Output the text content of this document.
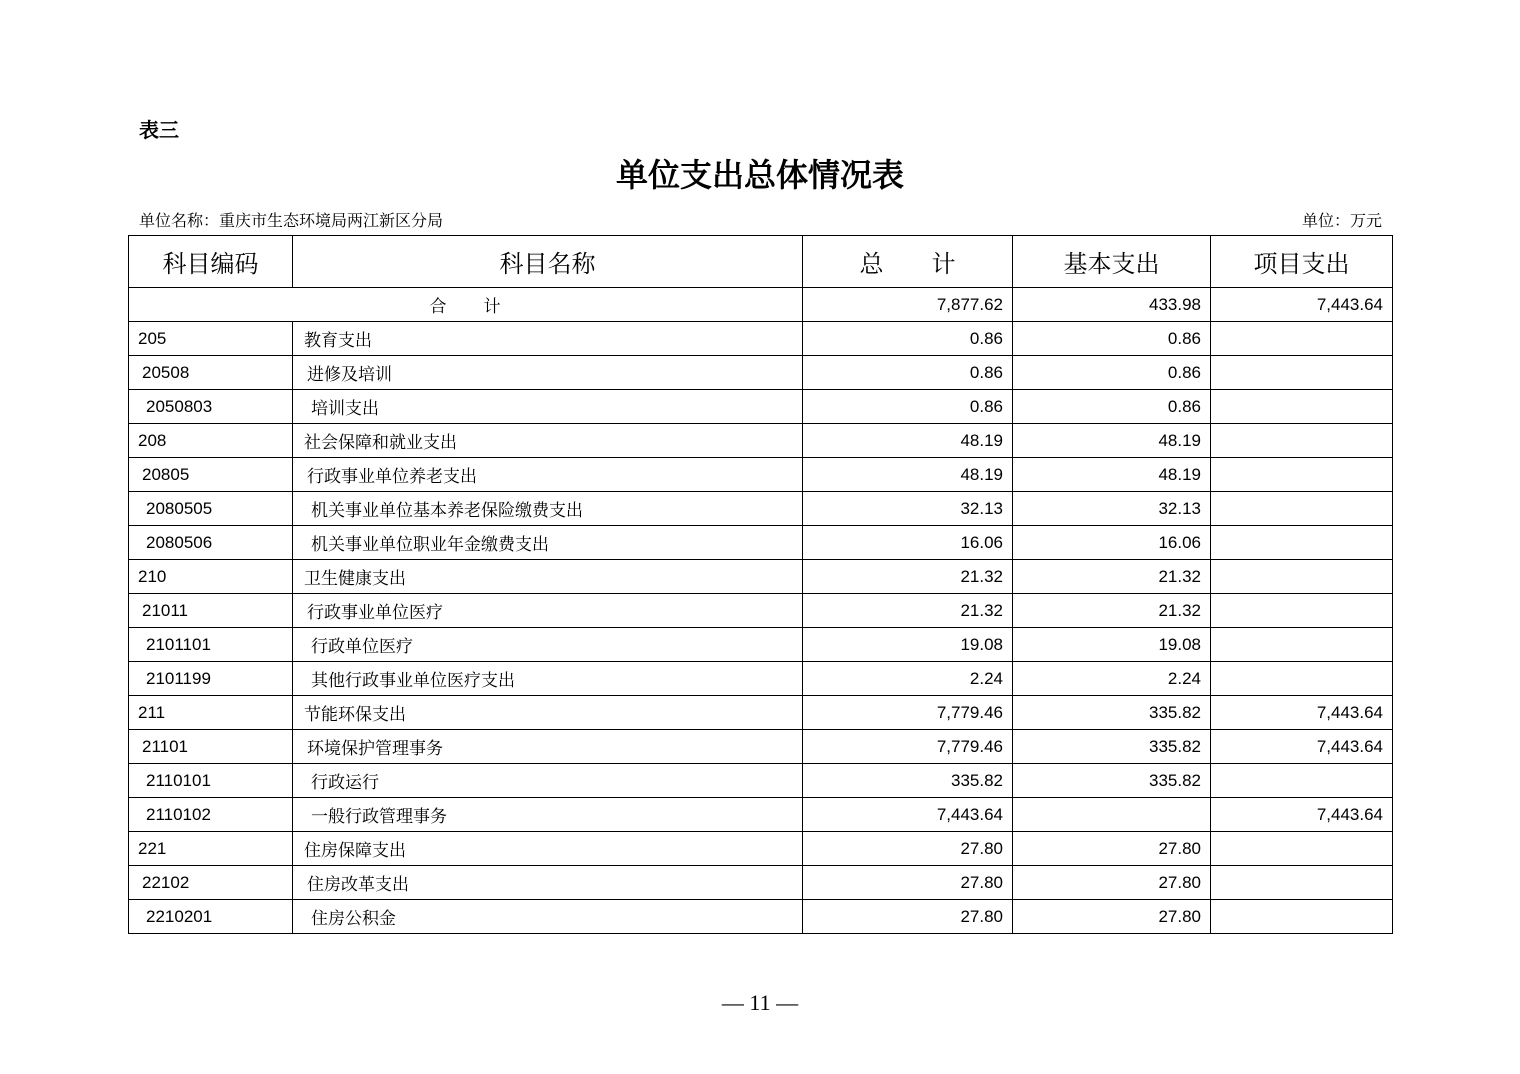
表三
单位支出总体情况表
单位名称：重庆市生态环境局两江新区分局	单位：万元
科目编码	科目名称	总　　计	基本支出	项目支出
合　　计		7,877.62	433.98	7,443.64
205	教育支出	0.86	0.86	
20508	进修及培训	0.86	0.86	
2050803	培训支出	0.86	0.86	
208	社会保障和就业支出	48.19	48.19	
20805	行政事业单位养老支出	48.19	48.19	
2080505	机关事业单位基本养老保险缴费支出	32.13	32.13	
2080506	机关事业单位职业年金缴费支出	16.06	16.06	
210	卫生健康支出	21.32	21.32	
21011	行政事业单位医疗	21.32	21.32	
2101101	行政单位医疗	19.08	19.08	
2101199	其他行政事业单位医疗支出	2.24	2.24	
211	节能环保支出	7,779.46	335.82	7,443.64
21101	环境保护管理事务	7,779.46	335.82	7,443.64
2110101	行政运行	335.82	335.82	
2110102	一般行政管理事务	7,443.64		7,443.64
221	住房保障支出	27.80	27.80	
22102	住房改革支出	27.80	27.80	
2210201	住房公积金	27.80	27.80	
— 11 —
